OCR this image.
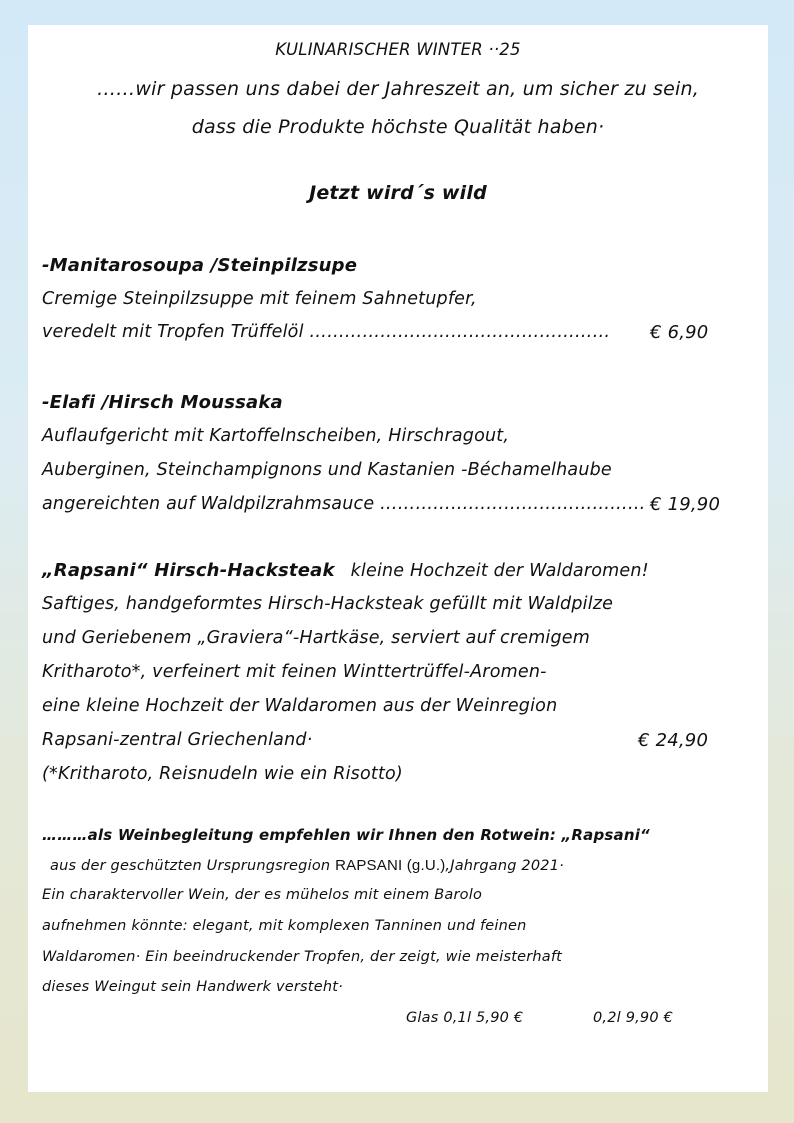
KULINARISCHER WINTER ··25
……wir passen uns dabei der Jahreszeit an, um sicher zu sein,
dass die Produkte höchste Qualität haben·
Jetzt wird´s wild
-Manitarosoupa /Steinpilzsupe
Cremige Steinpilzsuppe mit feinem Sahnetupfer,
veredelt mit Tropfen Trüffelöl …………………………………………… € 6,90
-Elafi /Hirsch Moussaka
Auflaufgericht mit Kartoffelnscheiben, Hirschragout,
Auberginen, Steinchampignons und Kastanien -Béchamelhaube
angereichten auf Waldpilzrahmsauce ……………………………………… € 19,90
„Rapsani“ Hirsch-Hacksteak kleine Hochzeit der Waldaromen!
Saftiges, handgeformtes Hirsch-Hacksteak gefüllt mit Waldpilze
und Geriebenem „Graviera“-Hartkäse, serviert auf cremigem
Kritharoto*, verfeinert mit feinen Winttertrüffel-Aromen-
eine kleine Hochzeit der Waldaromen aus der Weinregion
Rapsani-zentral Griechenland·	€ 24,90
(*Kritharoto, Reisnudeln wie ein Risotto)
………als Weinbegleitung empfehlen wir Ihnen den Rotwein: „Rapsani“
aus der geschützten Ursprungsregion RAPSANI (g.U.),Jahrgang 2021·
Ein charaktervoller Wein, der es mühelos mit einem Barolo
aufnehmen könnte: elegant, mit komplexen Tanninen und feinen
Waldaromen· Ein beeindruckender Tropfen, der zeigt, wie meisterhaft
dieses Weingut sein Handwerk versteht·
Glas 0,1l 5,90 €	0,2l 9,90 €
